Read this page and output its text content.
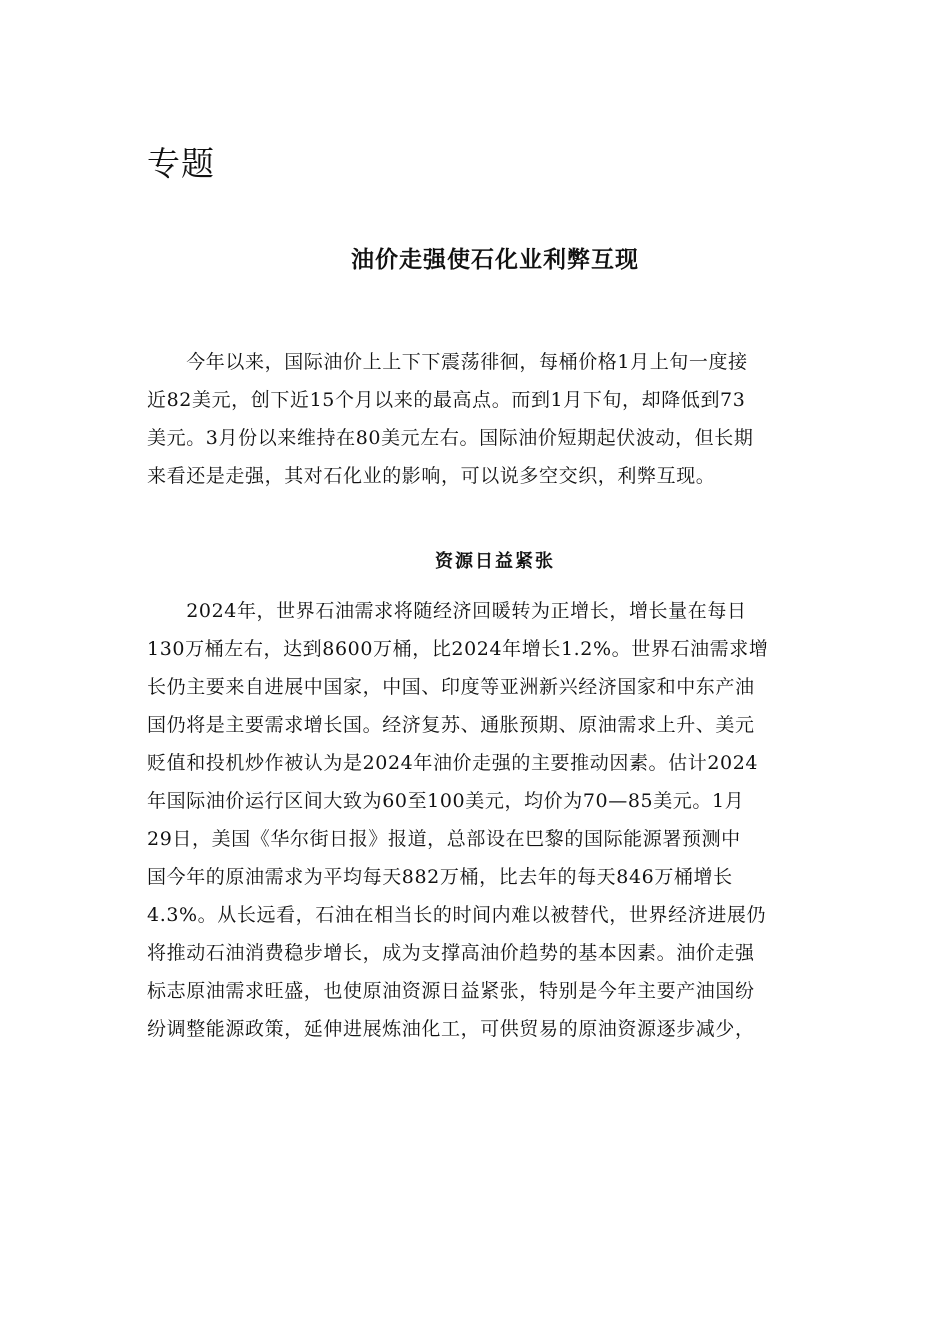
专题
油价走强使石化业利弊互现
　　今年以来，国际油价上上下下震荡徘徊，每桶价格1月上旬一度接
近82美元，创下近15个月以来的最高点。而到1月下旬，却降低到73
美元。3月份以来维持在80美元左右。国际油价短期起伏波动，但长期
来看还是走强，其对石化业的影响，可以说多空交织，利弊互现。
资源日益紧张
　　2024年，世界石油需求将随经济回暖转为正增长，增长量在每日
130万桶左右，达到8600万桶，比2024年增长1.2%。世界石油需求增
长仍主要来自进展中国家，中国、印度等亚洲新兴经济国家和中东产油
国仍将是主要需求增长国。经济复苏、通胀预期、原油需求上升、美元
贬值和投机炒作被认为是2024年油价走强的主要推动因素。估计2024
年国际油价运行区间大致为60至100美元，均价为70—85美元。1月
29日，美国《华尔街日报》报道，总部设在巴黎的国际能源署预测中
国今年的原油需求为平均每天882万桶，比去年的每天846万桶增长
4.3%。从长远看，石油在相当长的时间内难以被替代，世界经济进展仍
将推动石油消费稳步增长，成为支撑高油价趋势的基本因素。油价走强
标志原油需求旺盛，也使原油资源日益紧张，特别是今年主要产油国纷
纷调整能源政策，延伸进展炼油化工，可供贸易的原油资源逐步减少，
